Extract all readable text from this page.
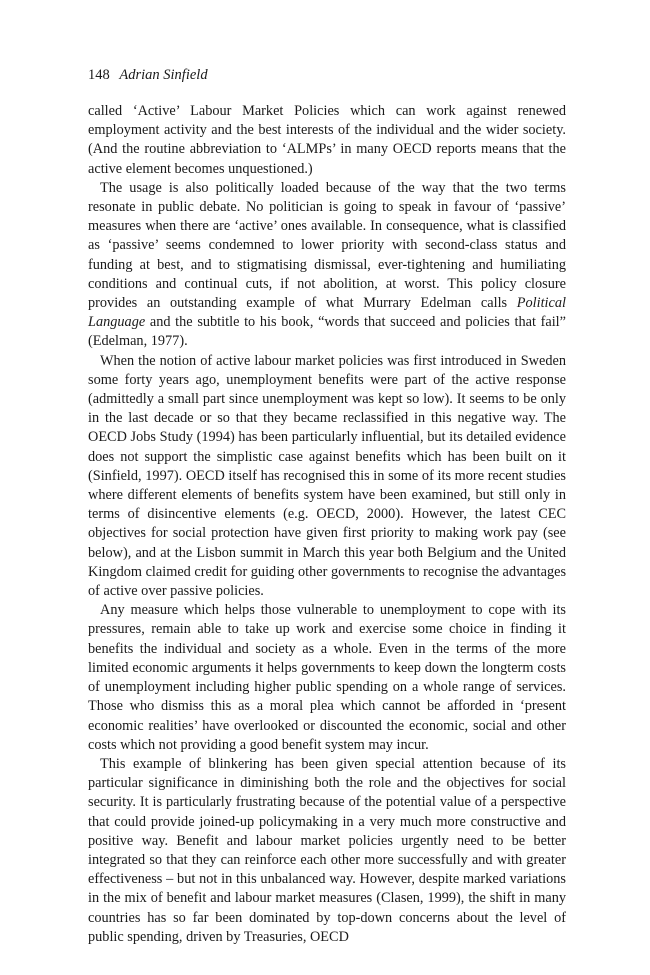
148 Adrian Sinfield

called ‘Active’ Labour Market Policies which can work against renewed employment activity and the best interests of the individual and the wider society. (And the routine abbreviation to ‘ALMPs’ in many OECD reports means that the active element becomes unquestioned.)

The usage is also politically loaded because of the way that the two terms resonate in public debate. No politician is going to speak in favour of ‘passive’ measures when there are ‘active’ ones available. In consequence, what is classified as ‘passive’ seems condemned to lower priority with second-class status and funding at best, and to stigmatising dismissal, ever-tightening and humiliating conditions and continual cuts, if not abolition, at worst. This policy closure provides an outstanding example of what Murrary Edelman calls Political Language and the subtitle to his book, “words that succeed and policies that fail” (Edelman, 1977).

When the notion of active labour market policies was first introduced in Sweden some forty years ago, unemployment benefits were part of the active response (admittedly a small part since unemployment was kept so low). It seems to be only in the last decade or so that they became reclassified in this negative way. The OECD Jobs Study (1994) has been particularly influential, but its detailed evidence does not support the simplistic case against benefits which has been built on it (Sinfield, 1997). OECD itself has recognised this in some of its more recent studies where different elements of benefits system have been examined, but still only in terms of disincentive elements (e.g. OECD, 2000). However, the latest CEC objectives for social protection have given first priority to making work pay (see below), and at the Lisbon summit in March this year both Belgium and the United Kingdom claimed credit for guiding other governments to recognise the advantages of active over passive policies.

Any measure which helps those vulnerable to unemployment to cope with its pressures, remain able to take up work and exercise some choice in finding it benefits the individual and society as a whole. Even in the terms of the more limited economic arguments it helps governments to keep down the longterm costs of unemployment including higher public spending on a whole range of services. Those who dismiss this as a moral plea which cannot be afforded in ‘present economic realities’ have overlooked or discounted the economic, social and other costs which not providing a good benefit system may incur.

This example of blinkering has been given special attention because of its particular significance in diminishing both the role and the objectives for social security. It is particularly frustrating because of the potential value of a perspective that could provide joined-up policymaking in a very much more constructive and positive way. Benefit and labour market policies urgently need to be better integrated so that they can reinforce each other more successfully and with greater effectiveness – but not in this unbalanced way. However, despite marked variations in the mix of benefit and labour market measures (Clasen, 1999), the shift in many countries has so far been dominated by top-down concerns about the level of public spending, driven by Treasuries, OECD
